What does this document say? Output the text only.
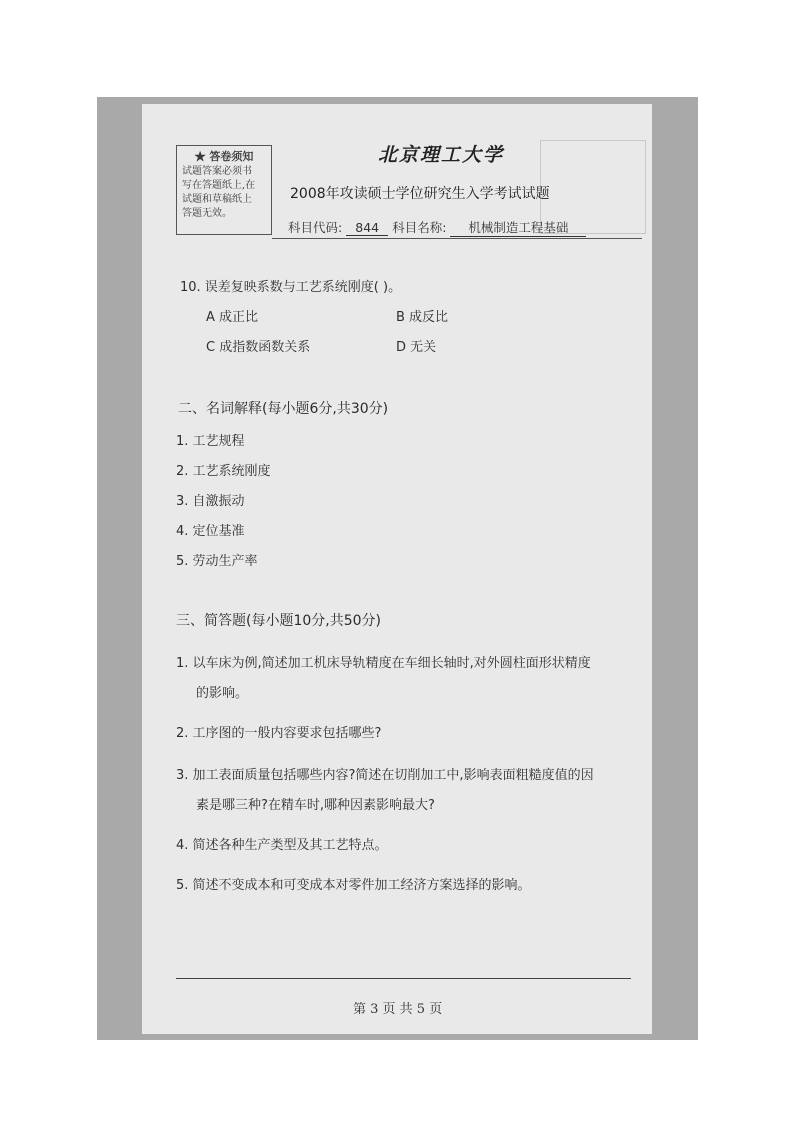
★ 答卷须知
试题答案必须书
写在答题纸上,在
试题和草稿纸上
答题无效。
北京理工大学
2008年攻读硕士学位研究生入学考试试题
科目代码: 844 科目名称: 机械制造工程基础
10. 误差复映系数与工艺系统刚度( )。
A 成正比	B 成反比
C 成指数函数关系	D 无关
二、名词解释(每小题6分,共30分)
1. 工艺规程
2. 工艺系统刚度
3. 自激振动
4. 定位基准
5. 劳动生产率
三、简答题(每小题10分,共50分)
1. 以车床为例,简述加工机床导轨精度在车细长轴时,对外圆柱面形状精度
的影响。
2. 工序图的一般内容要求包括哪些?
3. 加工表面质量包括哪些内容?简述在切削加工中,影响表面粗糙度值的因
素是哪三种?在精车时,哪种因素影响最大?
4. 简述各种生产类型及其工艺特点。
5. 简述不变成本和可变成本对零件加工经济方案选择的影响。
第 3 页 共 5 页
